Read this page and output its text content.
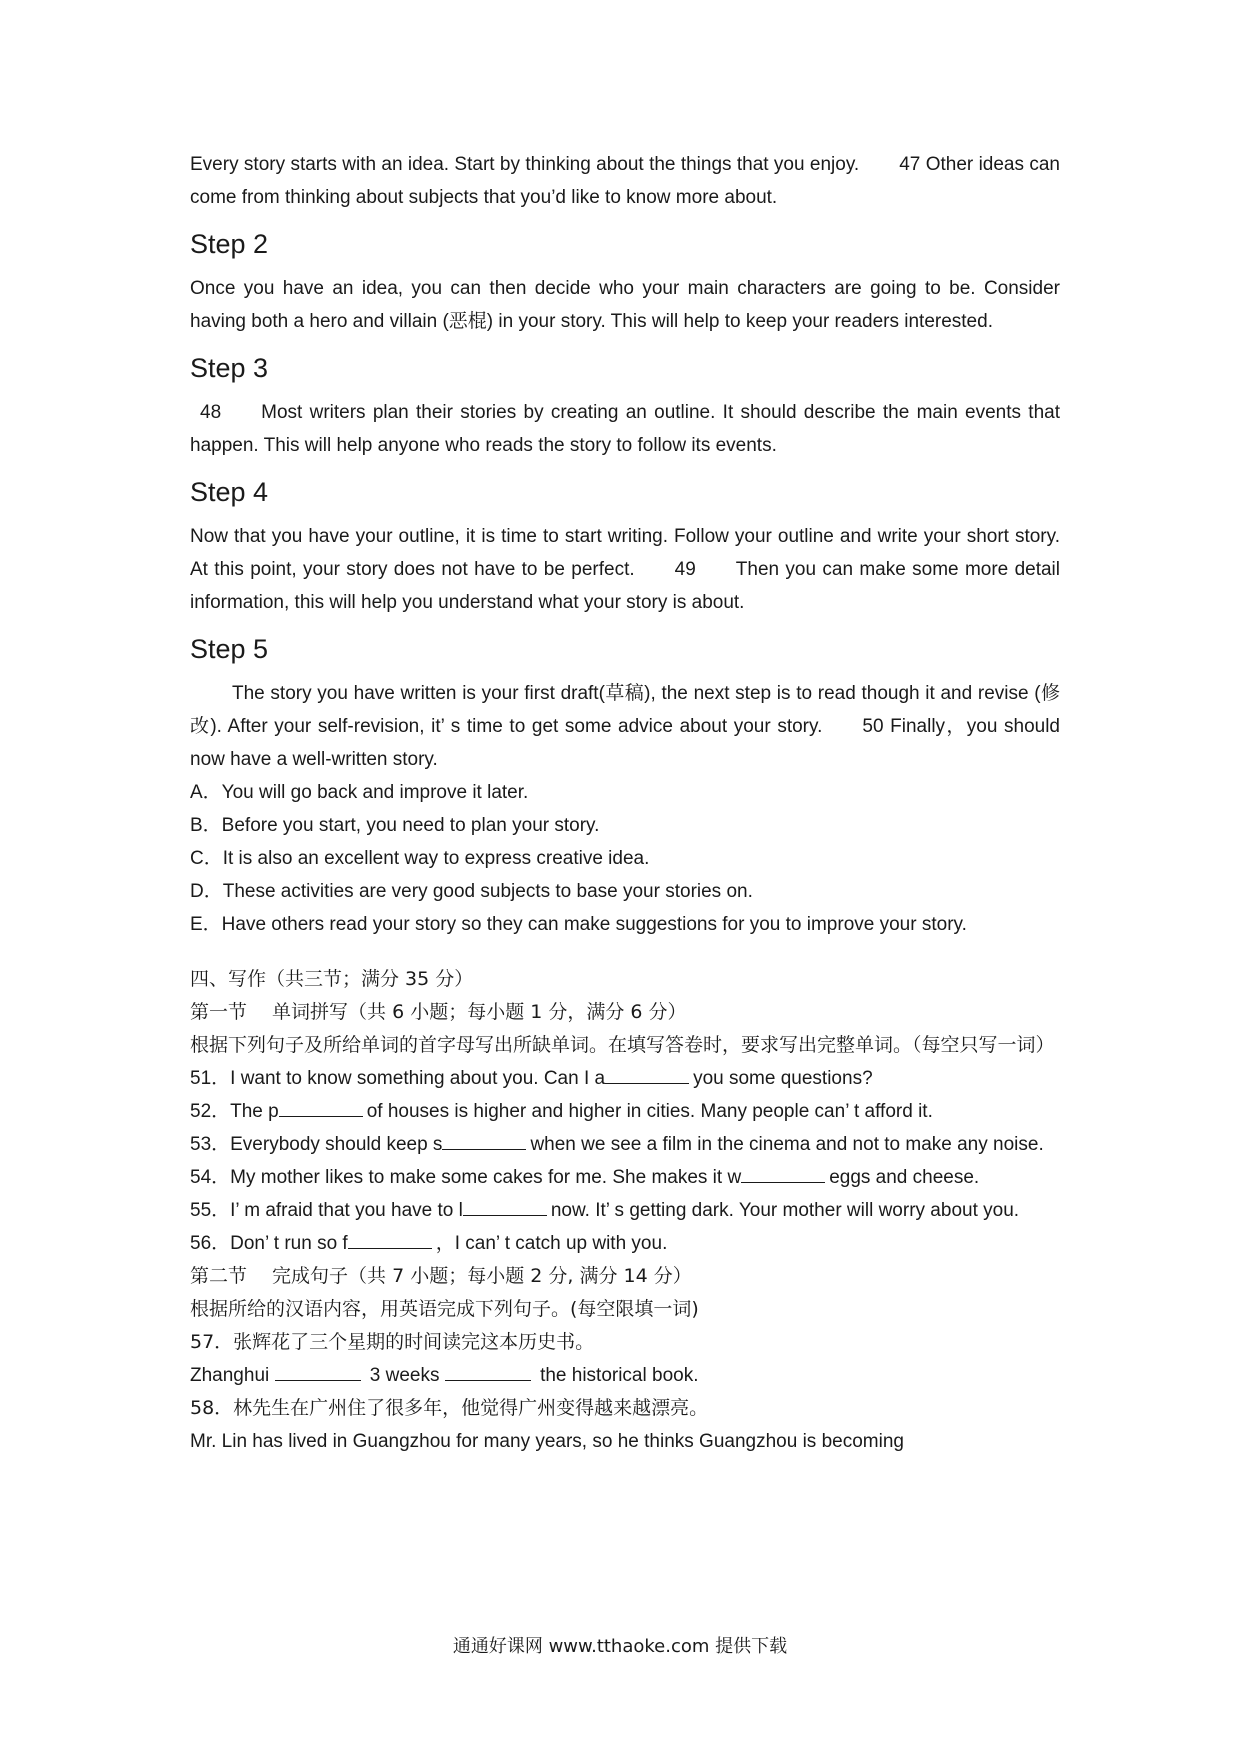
Every story starts with an idea. Start by thinking about the things that you enjoy. 47 Other ideas can come from thinking about subjects that you’d like to know more about.

Step 2

Once you have an idea, you can then decide who your main characters are going to be. Consider having both a hero and villain (恶棍) in your story. This will help to keep your readers interested.

Step 3

48 Most writers plan their stories by creating an outline. It should describe the main events that happen. This will help anyone who reads the story to follow its events.

Step 4

Now that you have your outline, it is time to start writing. Follow your outline and write your short story. At this point, your story does not have to be perfect. 49 Then you can make some more detail information, this will help you understand what your story is about.

Step 5

The story you have written is your first draft(草稿), the next step is to read though it and revise (修改). After your self-revision, it’ s time to get some advice about your story. 50 Finally，you should now have a well-written story.

A．You will go back and improve it later.

B．Before you start, you need to plan your story.

C．It is also an excellent way to express creative idea.

D．These activities are very good subjects to base your stories on.

E．Have others read your story so they can make suggestions for you to improve your story.

四、写作（共三节；满分 35 分）

第一节　 单词拼写（共 6 小题；每小题 1 分，满分 6 分）

根据下列句子及所给单词的首字母写出所缺单词。在填写答卷时，要求写出完整单词。（每空只写一词）

51．I want to know something about you. Can I a	you some questions?

52．The p	of houses is higher and higher in cities. Many people can’ t afford it.

53．Everybody should keep s	when we see a film in the cinema and not to make any noise.

54．My mother likes to make some cakes for me. She makes it w	eggs and cheese.

55．I’ m afraid that you have to l	now. It’ s getting dark. Your mother will worry about you.

56．Don’ t run so f	，I can’ t catch up with you.

第二节　 完成句子（共 7 小题；每小题 2 分, 满分 14 分）

根据所给的汉语内容，用英语完成下列句子。(每空限填一词)

57．张辉花了三个星期的时间读完这本历史书。

Zhanghui	3 weeks	the historical book.

58．林先生在广州住了很多年，他觉得广州变得越来越漂亮。

Mr. Lin has lived in Guangzhou for many years, so he thinks Guangzhou is becoming

通通好课网 www.tthaoke.com 提供下载
